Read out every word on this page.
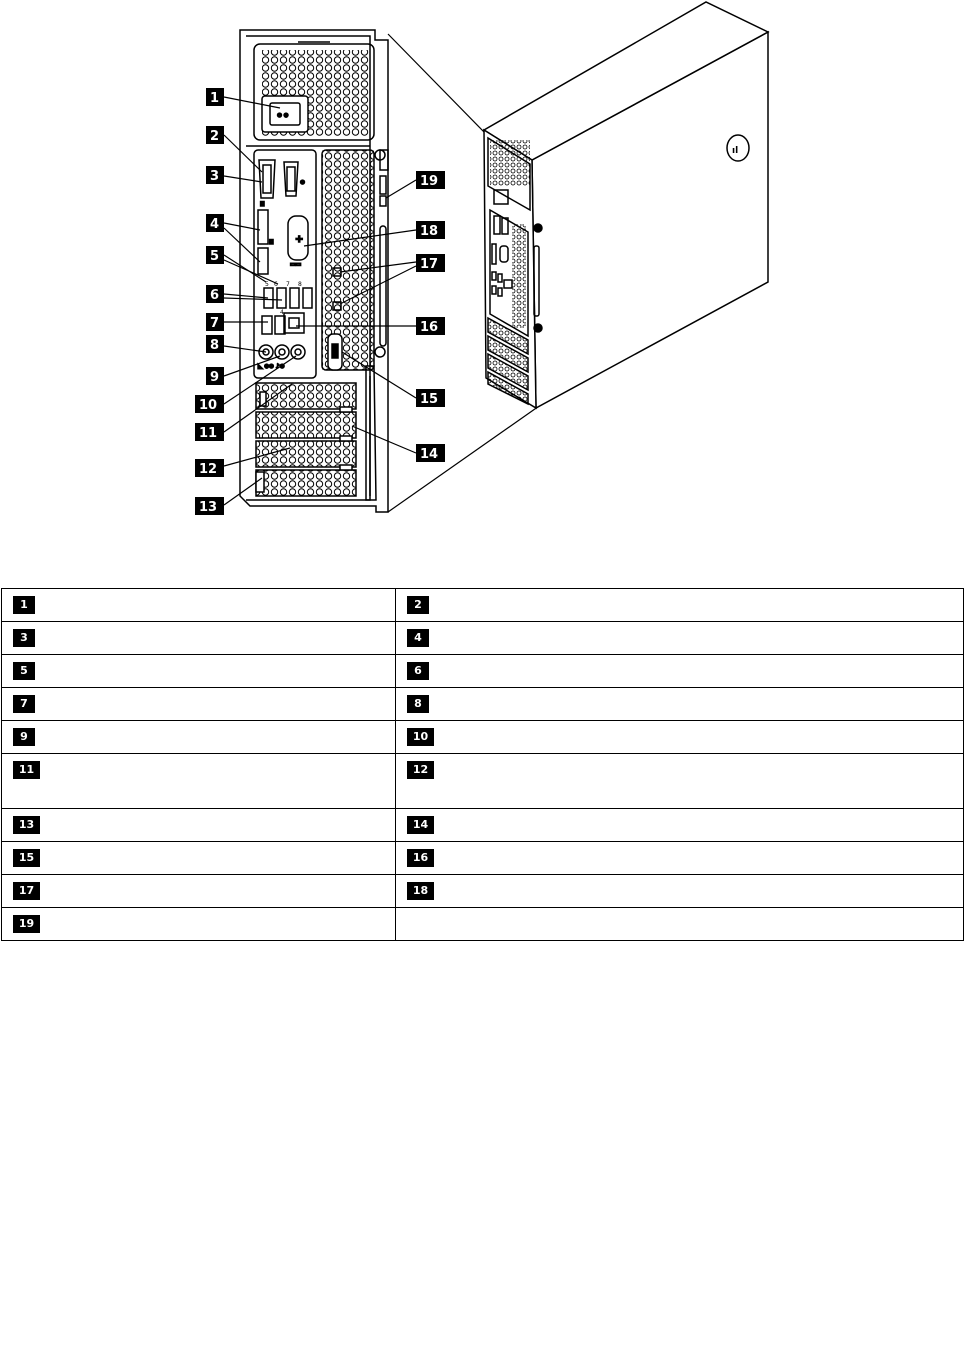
⊖ ⦶
⊕
◘
◘ +
▭▭
◣ ⦶⊖ ♪⊕
5 6 7 8
4
1
2
3
4
5
6
7
8
9
10
11
12
13
14
15
16
17
18
19
ıl
1	2

3	4

5	6

7	8

9	10

11	12

13	14

15	16

17	18

19	
